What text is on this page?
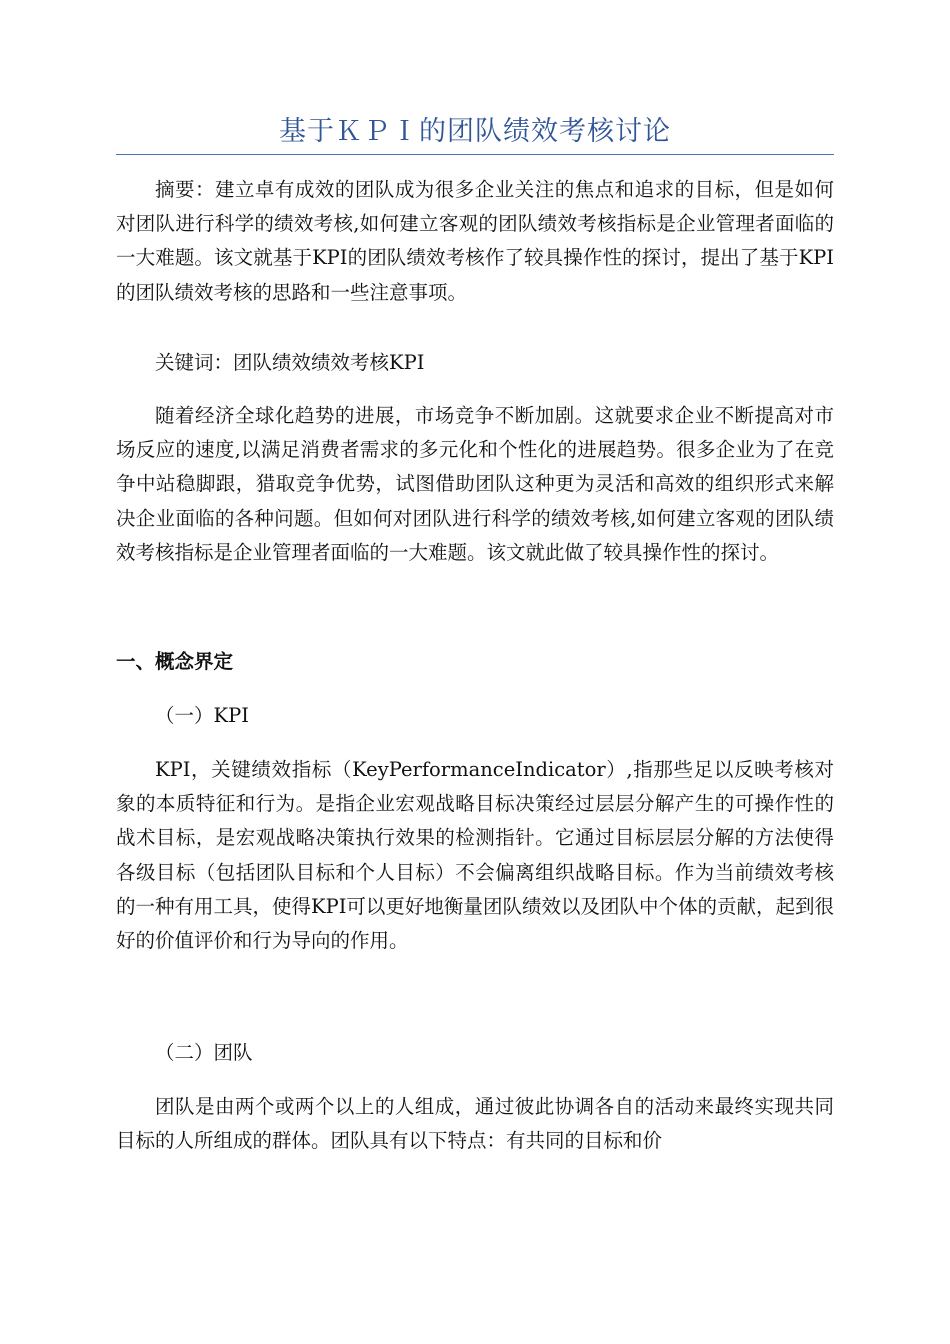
基于ＫＰＩ的团队绩效考核讨论

摘要：建立卓有成效的团队成为很多企业关注的焦点和追求的目标，但是如何对团队进行科学的绩效考核,如何建立客观的团队绩效考核指标是企业管理者面临的一大难题。该文就基于KPI的团队绩效考核作了较具操作性的探讨，提出了基于KPI的团队绩效考核的思路和一些注意事项。

关键词：团队绩效绩效考核KPI

随着经济全球化趋势的进展，市场竞争不断加剧。这就要求企业不断提高对市场反应的速度,以满足消费者需求的多元化和个性化的进展趋势。很多企业为了在竞争中站稳脚跟，猎取竞争优势，试图借助团队这种更为灵活和高效的组织形式来解决企业面临的各种问题。但如何对团队进行科学的绩效考核,如何建立客观的团队绩效考核指标是企业管理者面临的一大难题。该文就此做了较具操作性的探讨。

一、概念界定

（一）KPI

KPI，关键绩效指标（KeyPerformanceIndicator）,指那些足以反映考核对象的本质特征和行为。是指企业宏观战略目标决策经过层层分解产生的可操作性的战术目标，是宏观战略决策执行效果的检测指针。它通过目标层层分解的方法使得各级目标（包括团队目标和个人目标）不会偏离组织战略目标。作为当前绩效考核的一种有用工具，使得KPI可以更好地衡量团队绩效以及团队中个体的贡献，起到很好的价值评价和行为导向的作用。

（二）团队

团队是由两个或两个以上的人组成，通过彼此协调各自的活动来最终实现共同目标的人所组成的群体。团队具有以下特点：有共同的目标和价
